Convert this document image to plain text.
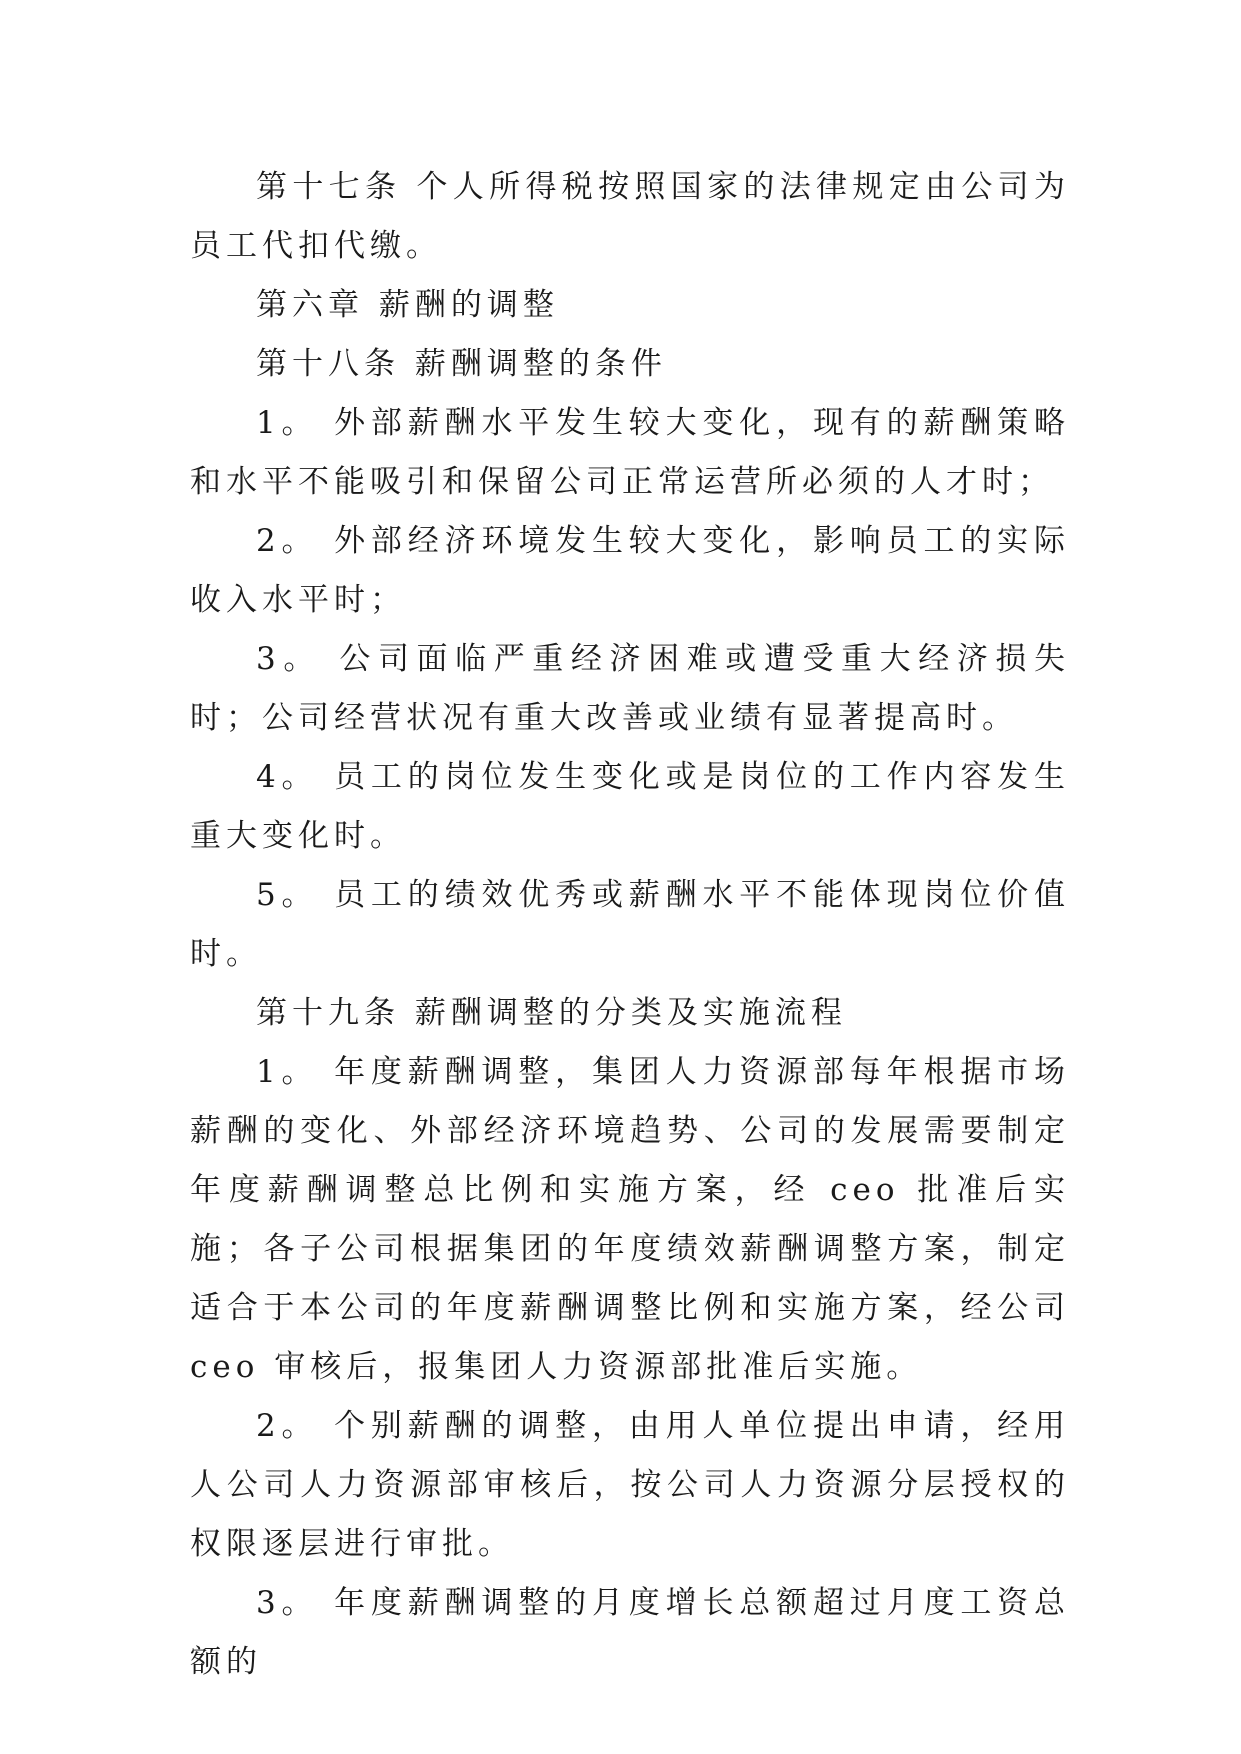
第十七条 个人所得税按照国家的法律规定由公司为员工代扣代缴。

第六章 薪酬的调整

第十八条 薪酬调整的条件

1。 外部薪酬水平发生较大变化，现有的薪酬策略和水平不能吸引和保留公司正常运营所必须的人才时；

2。 外部经济环境发生较大变化，影响员工的实际收入水平时；

3。 公司面临严重经济困难或遭受重大经济损失时；公司经营状况有重大改善或业绩有显著提高时。

4。 员工的岗位发生变化或是岗位的工作内容发生重大变化时。

5。 员工的绩效优秀或薪酬水平不能体现岗位价值时。

第十九条 薪酬调整的分类及实施流程

1。 年度薪酬调整，集团人力资源部每年根据市场薪酬的变化、外部经济环境趋势、公司的发展需要制定年度薪酬调整总比例和实施方案，经 ceo 批准后实施；各子公司根据集团的年度绩效薪酬调整方案，制定适合于本公司的年度薪酬调整比例和实施方案，经公司 ceo 审核后，报集团人力资源部批准后实施。

2。 个别薪酬的调整，由用人单位提出申请，经用人公司人力资源部审核后，按公司人力资源分层授权的权限逐层进行审批。

3。 年度薪酬调整的月度增长总额超过月度工资总额的
